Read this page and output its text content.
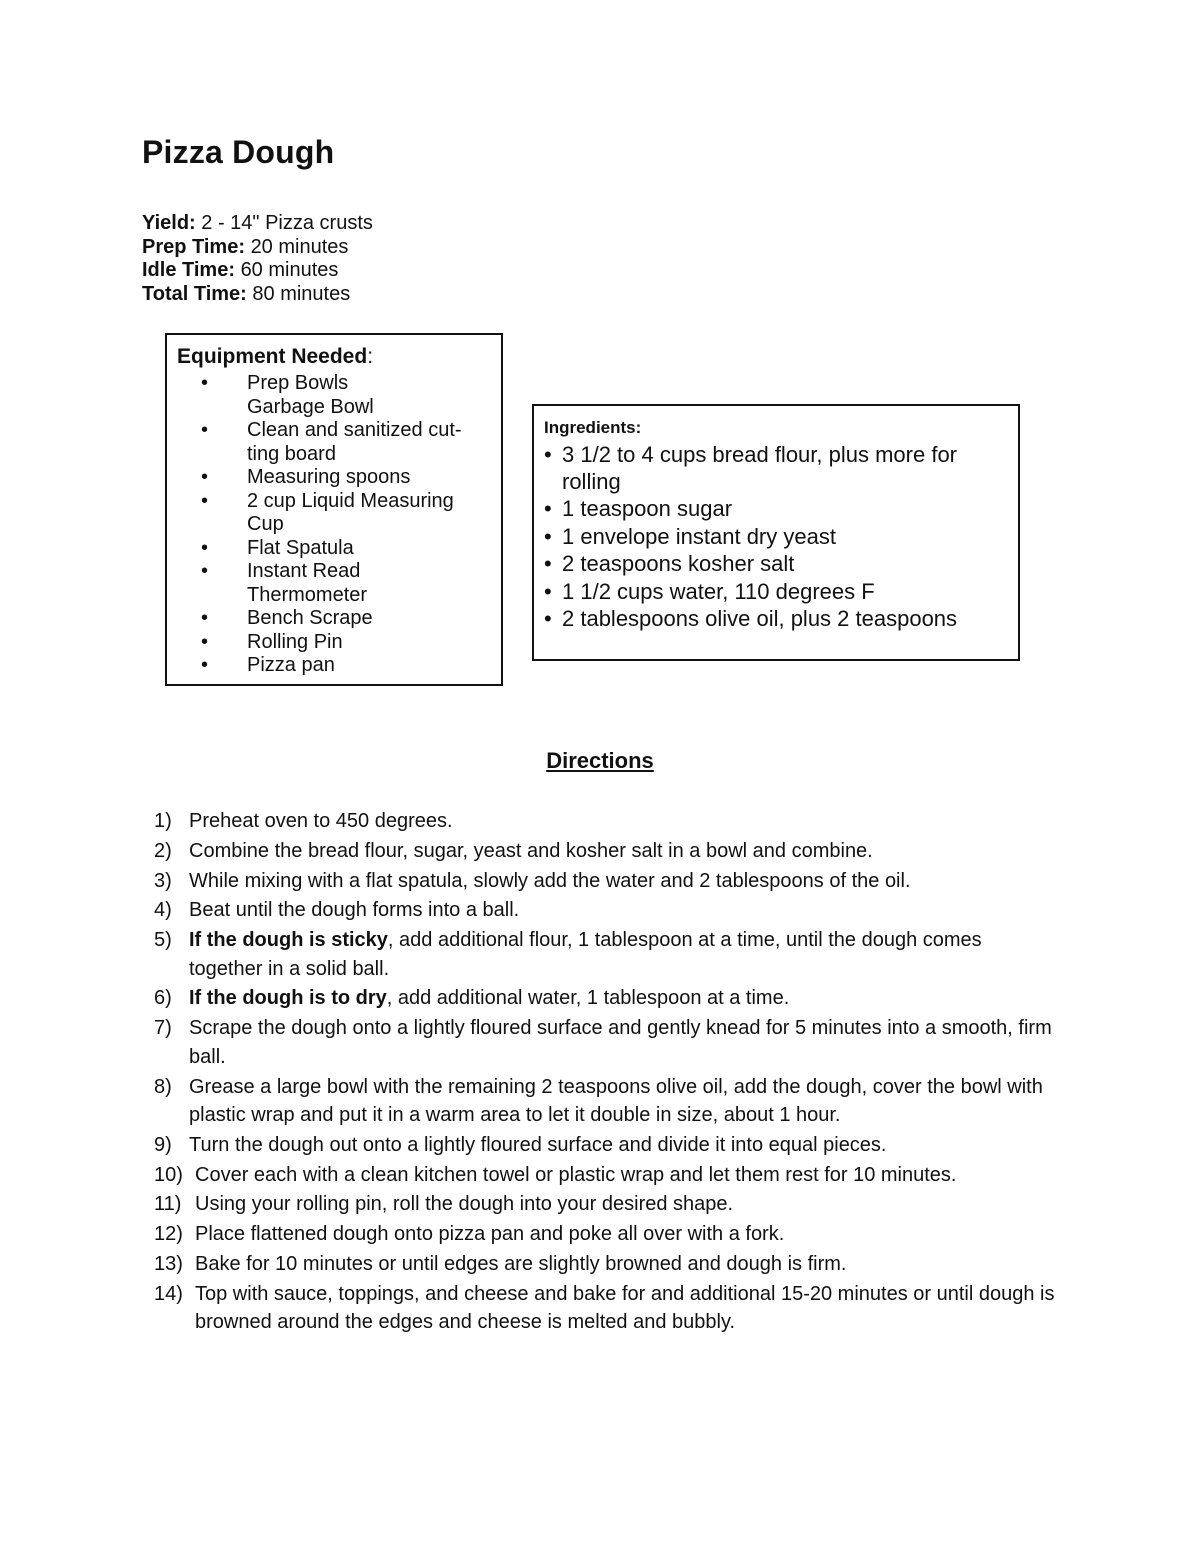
Pizza Dough
Yield: 2 - 14" Pizza crusts
Prep Time: 20 minutes
Idle Time: 60 minutes
Total Time: 80 minutes
Equipment Needed:
• Prep Bowls
Garbage Bowl
• Clean and sanitized cut-
ting board
• Measuring spoons
• 2 cup Liquid Measuring
Cup
• Flat Spatula
• Instant Read
Thermometer
• Bench Scrape
• Rolling Pin
• Pizza pan
Ingredients:
• 3 1/2 to 4 cups bread flour, plus more for rolling
• 1 teaspoon sugar
• 1 envelope instant dry yeast
• 2 teaspoons kosher salt
• 1 1/2 cups water, 110 degrees F
• 2 tablespoons olive oil, plus 2 teaspoons
Directions
1) Preheat oven to 450 degrees.
2) Combine the bread flour, sugar, yeast and kosher salt in a bowl and combine.
3) While mixing with a flat spatula, slowly add the water and 2 tablespoons of the oil.
4) Beat until the dough forms into a ball.
5) If the dough is sticky, add additional flour, 1 tablespoon at a time, until the dough comes together in a solid ball.
6) If the dough is to dry, add additional water, 1 tablespoon at a time.
7) Scrape the dough onto a lightly floured surface and gently knead for 5 minutes into a smooth, firm ball.
8) Grease a large bowl with the remaining 2 teaspoons olive oil, add the dough, cover the bowl with plastic wrap and put it in a warm area to let it double in size, about 1 hour.
9) Turn the dough out onto a lightly floured surface and divide it into equal pieces.
10) Cover each with a clean kitchen towel or plastic wrap and let them rest for 10 minutes.
11) Using your rolling pin, roll the dough into your desired shape.
12) Place flattened dough onto pizza pan and poke all over with a fork.
13) Bake for 10 minutes or until edges are slightly browned and dough is firm.
14) Top with sauce, toppings, and cheese and bake for and additional 15-20 minutes or until dough is browned around the edges and cheese is melted and bubbly.
